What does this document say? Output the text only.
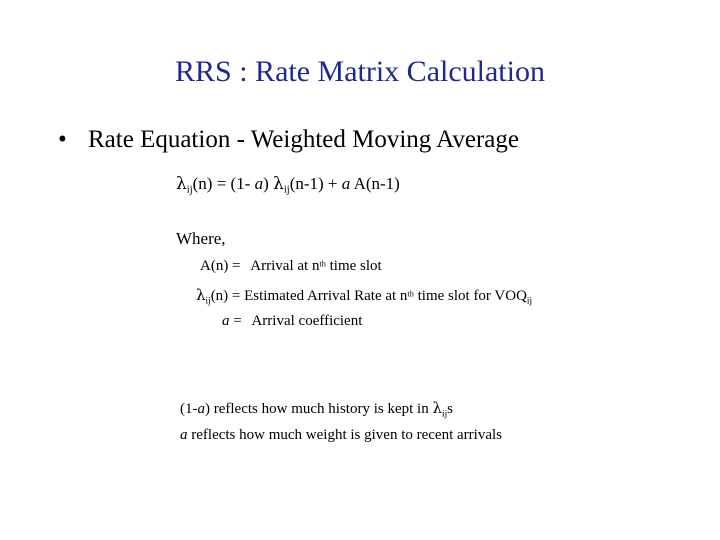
RRS : Rate Matrix Calculation
• Rate Equation - Weighted Moving Average
$\lambda_{ij}(n) = (1-$ a) $\lambda_{ij}(n-1) + a$ A(n-1)
Where,
A(n) = Arrival at $n^{th}$ time slot
$\lambda_{ij}(n)$ = Estimated Arrival Rate at $n^{th}$ time slot for $VOQ_{ij}$
a = Arrival coefficient
(1-a) reflects how much history is kept in $\lambda_{ij}s$
a reflects how much weight is given to recent arrivals
